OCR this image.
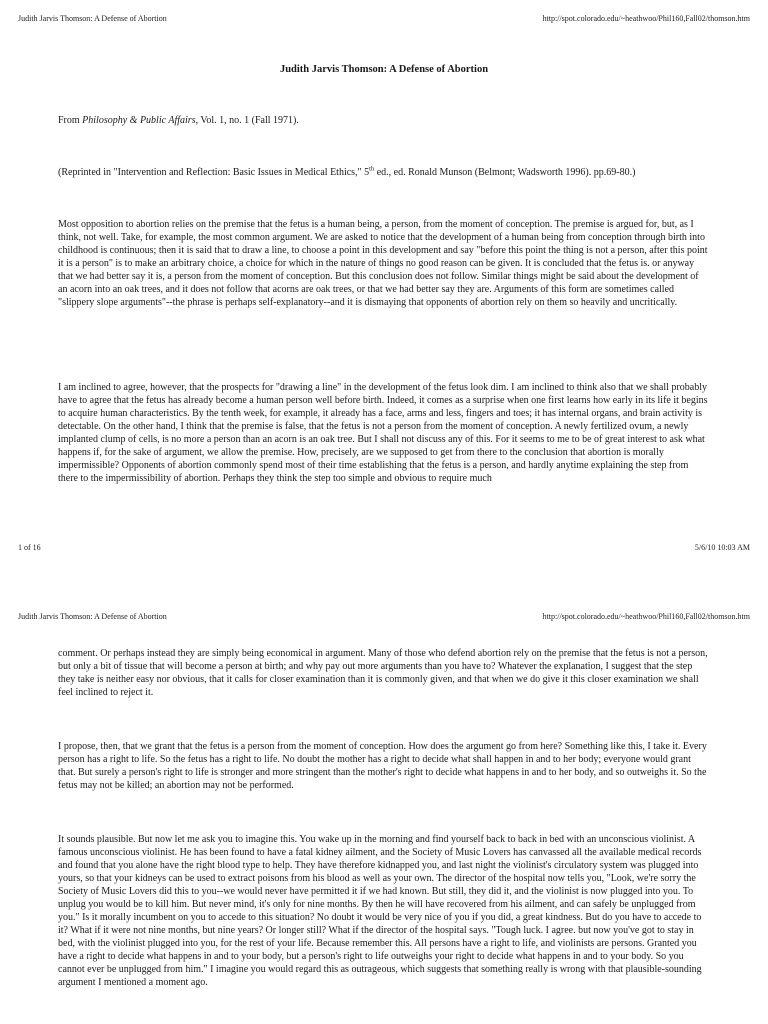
Judith Jarvis Thomson: A Defense of Abortion	http://spot.colorado.edu/~heathwoo/Phil160,Fall02/thomson.htm
Judith Jarvis Thomson: A Defense of Abortion
From Philosophy & Public Affairs, Vol. 1, no. 1 (Fall 1971).
(Reprinted in "Intervention and Reflection: Basic Issues in Medical Ethics," 5th ed., ed. Ronald Munson (Belmont; Wadsworth 1996). pp.69-80.)

Most opposition to abortion relies on the premise that the fetus is a human being, a person, from the moment of conception. The premise is argued for, but, as I think, not well. Take, for example, the most common argument. We are asked to notice that the development of a human being from conception through birth into childhood is continuous; then it is said that to draw a line, to choose a point in this development and say "before this point the thing is not a person, after this point it is a person" is to make an arbitrary choice, a choice for which in the nature of things no good reason can be given. It is concluded that the fetus is. or anyway that we had better say it is, a person from the moment of conception. But this conclusion does not follow. Similar things might be said about the development of an acorn into an oak trees, and it does not follow that acorns are oak trees, or that we had better say they are. Arguments of this form are sometimes called "slippery slope arguments"--the phrase is perhaps self-explanatory--and it is dismaying that opponents of abortion rely on them so heavily and uncritically.

I am inclined to agree, however, that the prospects for "drawing a line" in the development of the fetus look dim. I am inclined to think also that we shall probably have to agree that the fetus has already become a human person well before birth. Indeed, it comes as a surprise when one first learns how early in its life it begins to acquire human characteristics. By the tenth week, for example, it already has a face, arms and less, fingers and toes; it has internal organs, and brain activity is detectable. On the other hand, I think that the premise is false, that the fetus is not a person from the moment of conception. A newly fertilized ovum, a newly implanted clump of cells, is no more a person than an acorn is an oak tree. But I shall not discuss any of this. For it seems to me to be of great interest to ask what happens if, for the sake of argument, we allow the premise. How, precisely, are we supposed to get from there to the conclusion that abortion is morally impermissible? Opponents of abortion commonly spend most of their time establishing that the fetus is a person, and hardly anytime explaining the step from there to the impermissibility of abortion. Perhaps they think the step too simple and obvious to require much

1 of 16	5/6/10 10:03 AM
Judith Jarvis Thomson: A Defense of Abortion	http://spot.colorado.edu/~heathwoo/Phil160,Fall02/thomson.htm

comment. Or perhaps instead they are simply being economical in argument. Many of those who defend abortion rely on the premise that the fetus is not a person, but only a bit of tissue that will become a person at birth; and why pay out more arguments than you have to? Whatever the explanation, I suggest that the step they take is neither easy nor obvious, that it calls for closer examination than it is commonly given, and that when we do give it this closer examination we shall feel inclined to reject it.

I propose, then, that we grant that the fetus is a person from the moment of conception. How does the argument go from here? Something like this, I take it. Every person has a right to life. So the fetus has a right to life. No doubt the mother has a right to decide what shall happen in and to her body; everyone would grant that. But surely a person's right to life is stronger and more stringent than the mother's right to decide what happens in and to her body, and so outweighs it. So the fetus may not be killed; an abortion may not be performed.

It sounds plausible. But now let me ask you to imagine this. You wake up in the morning and find yourself back to back in bed with an unconscious violinist. A famous unconscious violinist. He has been found to have a fatal kidney ailment, and the Society of Music Lovers has canvassed all the available medical records and found that you alone have the right blood type to help. They have therefore kidnapped you, and last night the violinist's circulatory system was plugged into yours, so that your kidneys can be used to extract poisons from his blood as well as your own. The director of the hospital now tells you, "Look, we're sorry the Society of Music Lovers did this to you--we would never have permitted it if we had known. But still, they did it, and the violinist is now plugged into you. To unplug you would be to kill him. But never mind, it's only for nine months. By then he will have recovered from his ailment, and can safely be unplugged from you." Is it morally incumbent on you to accede to this situation? No doubt it would be very nice of you if you did, a great kindness. But do you have to accede to it? What if it were not nine months, but nine years? Or longer still? What if the director of the hospital says. "Tough luck. I agree. but now you've got to stay in bed, with the violinist plugged into you, for the rest of your life. Because remember this. All persons have a right to life, and violinists are persons. Granted you have a right to decide what happens in and to your body, but a person's right to life outweighs your right to decide what happens in and to your body. So you cannot ever be unplugged from him." I imagine you would regard this as outrageous, which suggests that something really is wrong with that plausible-sounding argument I mentioned a moment ago.
